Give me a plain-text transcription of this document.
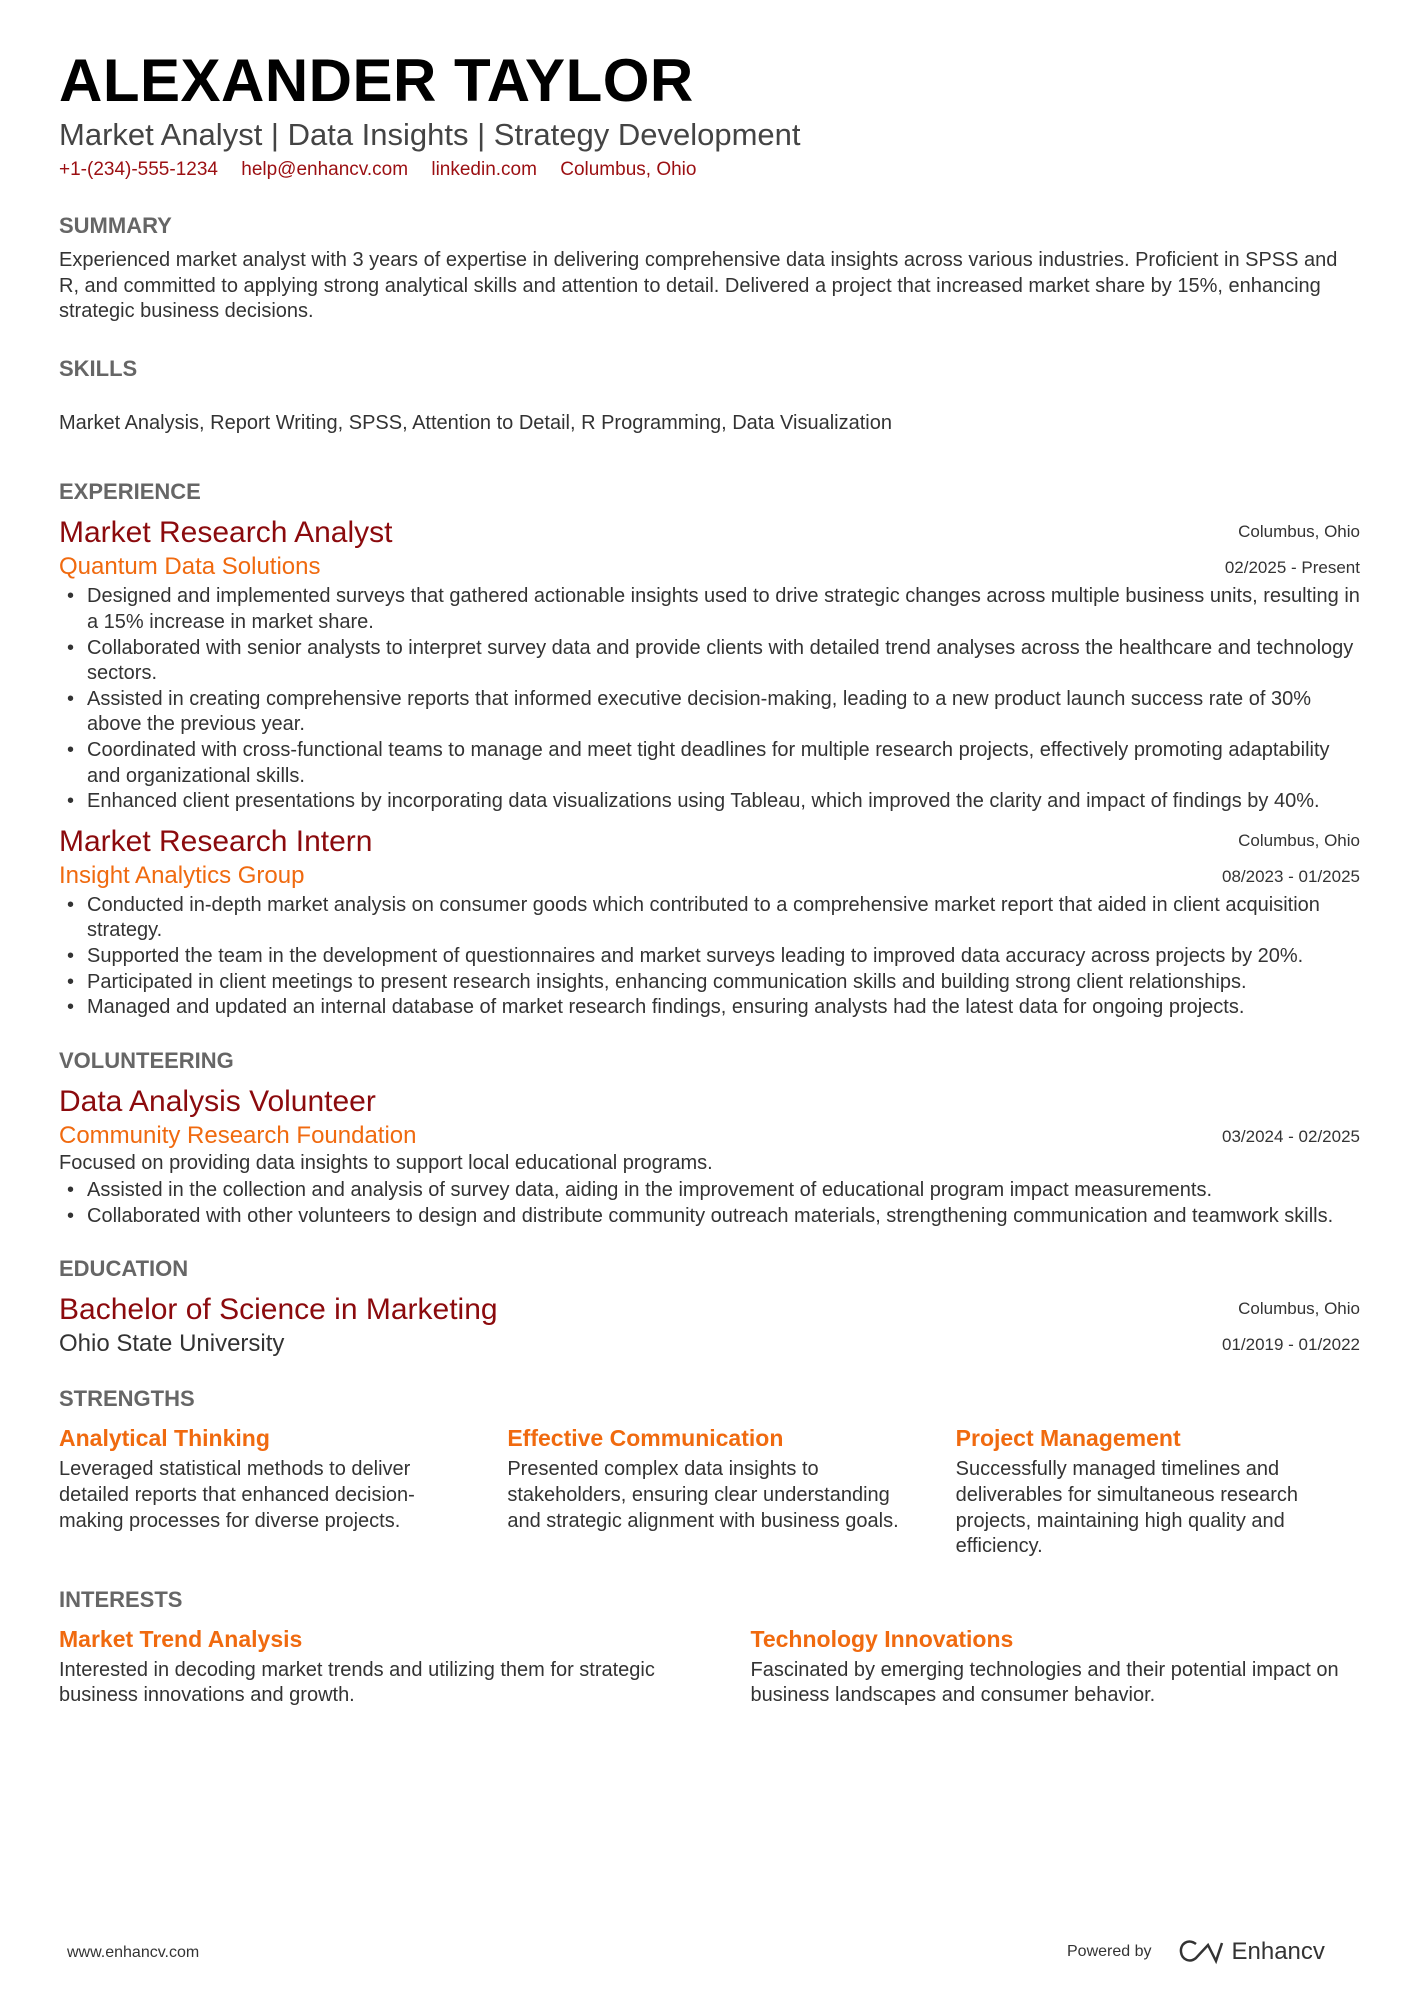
ALEXANDER TAYLOR
Market Analyst | Data Insights | Strategy Development
+1-(234)-555-1234 help@enhancv.com linkedin.com Columbus, Ohio
SUMMARY
Experienced market analyst with 3 years of expertise in delivering comprehensive data insights across various industries. Proficient in SPSS and R, and committed to applying strong analytical skills and attention to detail. Delivered a project that increased market share by 15%, enhancing strategic business decisions.
SKILLS
Market Analysis, Report Writing, SPSS, Attention to Detail, R Programming, Data Visualization
EXPERIENCE
Columbus, Ohio
02/2025 - Present
Market Research Analyst
Quantum Data Solutions
• Designed and implemented surveys that gathered actionable insights used to drive strategic changes across multiple business units, resulting in a 15% increase in market share.
• Collaborated with senior analysts to interpret survey data and provide clients with detailed trend analyses across the healthcare and technology sectors.
• Assisted in creating comprehensive reports that informed executive decision-making, leading to a new product launch success rate of 30% above the previous year.
• Coordinated with cross-functional teams to manage and meet tight deadlines for multiple research projects, effectively promoting adaptability and organizational skills.
• Enhanced client presentations by incorporating data visualizations using Tableau, which improved the clarity and impact of findings by 40%.
Columbus, Ohio
08/2023 - 01/2025
Market Research Intern
Insight Analytics Group
• Conducted in-depth market analysis on consumer goods which contributed to a comprehensive market report that aided in client acquisition strategy.
• Supported the team in the development of questionnaires and market surveys leading to improved data accuracy across projects by 20%.
• Participated in client meetings to present research insights, enhancing communication skills and building strong client relationships.
• Managed and updated an internal database of market research findings, ensuring analysts had the latest data for ongoing projects.
VOLUNTEERING
03/2024 - 02/2025
Data Analysis Volunteer
Community Research Foundation
Focused on providing data insights to support local educational programs.
• Assisted in the collection and analysis of survey data, aiding in the improvement of educational program impact measurements.
• Collaborated with other volunteers to design and distribute community outreach materials, strengthening communication and teamwork skills.
EDUCATION
Columbus, Ohio
01/2019 - 01/2022
Bachelor of Science in Marketing
Ohio State University
STRENGTHS
Analytical Thinking
Leveraged statistical methods to deliver detailed reports that enhanced decision-making processes for diverse projects.
Effective Communication
Presented complex data insights to stakeholders, ensuring clear understanding and strategic alignment with business goals.
Project Management
Successfully managed timelines and deliverables for simultaneous research projects, maintaining high quality and efficiency.
INTERESTS
Market Trend Analysis
Interested in decoding market trends and utilizing them for strategic business innovations and growth.
Technology Innovations
Fascinated by emerging technologies and their potential impact on business landscapes and consumer behavior.
www.enhancv.com	Powered by	Enhancv
